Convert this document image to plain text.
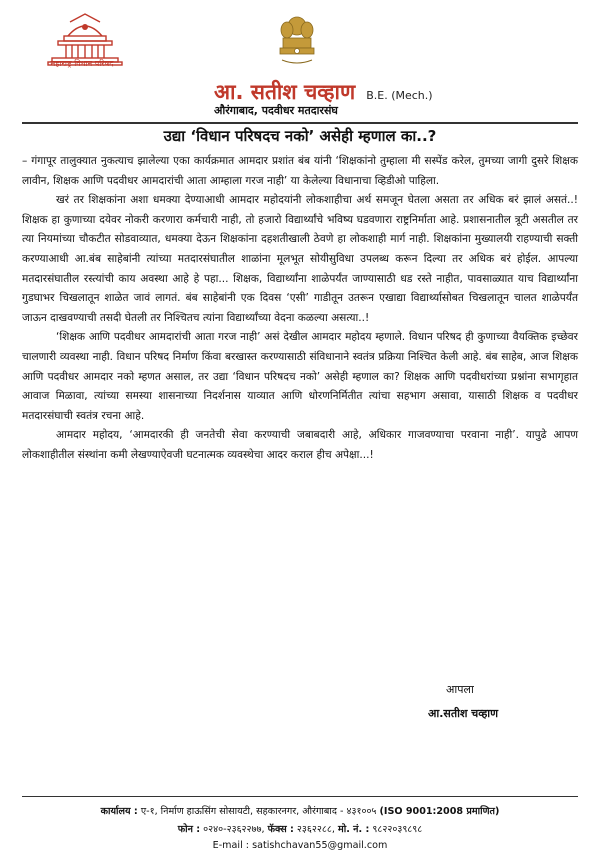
महाराष्ट्र विधान परिषद
आ. सतीश चव्हाण B.E. (Mech.)
औरंगाबाद, पदवीधर मतदारसंघ
उद्या ‘विधान परिषदच नको’ असेही म्हणाल का..?

– गंगापूर तालुक्यात नुकत्याच झालेल्या एका कार्यक्रमात आमदार प्रशांत बंब यांनी ‘शिक्षकांनो तुम्हाला मी सस्पेंड करेल, तुमच्या जागी दुसरे शिक्षक लावीन, शिक्षक आणि पदवीधर आमदारांची आता आम्हाला गरज नाही’ या केलेल्या विधानाचा व्हिडीओ पाहिला.

खरं तर शिक्षकांना अशा धमक्या देण्याआधी आमदार महोदयांनी लोकशाहीचा अर्थ समजून घेतला असता तर अधिक बरं झालं असतं..! शिक्षक हा कुणाच्या दयेवर नोकरी करणारा कर्मचारी नाही, तो हजारो विद्यार्थ्यांचे भविष्य घडवणारा राष्ट्रनिर्माता आहे. प्रशासनातील त्रूटी असतील तर त्या नियमांच्या चौकटीत सोडवाव्यात, धमक्या देऊन शिक्षकांना दहशतीखाली ठेवणे हा लोकशाही मार्ग नाही. शिक्षकांना मुख्यालयी राहण्याची सक्ती करण्याआधी आ.बंब साहेबांनी त्यांच्या मतदारसंघातील शाळांना मूलभूत सोयीसुविधा उपलब्ध करून दिल्या तर अधिक बरं होईल. आपल्या मतदारसंघातील रस्त्यांची काय अवस्था आहे हे पहा... शिक्षक, विद्यार्थ्यांना शाळेपर्यंत जाण्यासाठी धड रस्ते नाहीत, पावसाळ्यात याच विद्यार्थ्यांना गुडघाभर चिखलातून शाळेत जावं लागतं. बंब साहेबांनी एक दिवस ‘एसी’ गाडीतून उतरून एखाद्या विद्यार्थ्यासोबत चिखलातून चालत शाळेपर्यंत जाऊन दाखवण्याची तसदी घेतली तर निश्चितच त्यांना विद्यार्थ्यांच्या वेदना कळल्या असत्या..!

‘शिक्षक आणि पदवीधर आमदारांची आता गरज नाही’ असं देखील आमदार महोदय म्हणाले. विधान परिषद ही कुणाच्या वैयक्तिक इच्छेवर चालणारी व्यवस्था नाही. विधान परिषद निर्माण किंवा बरखास्त करण्यासाठी संविधानाने स्वतंत्र प्रक्रिया निश्चित केली आहे. बंब साहेब, आज शिक्षक आणि पदवीधर आमदार नको म्हणत असाल, तर उद्या ‘विधान परिषदच नको’ असेही म्हणाल का? शिक्षक आणि पदवीधरांच्या प्रश्नांना सभागृहात आवाज मिळावा, त्यांच्या समस्या शासनाच्या निदर्शनास याव्यात आणि धोरणनिर्मितीत त्यांचा सहभाग असावा, यासाठी शिक्षक व पदवीधर मतदारसंघाची स्वतंत्र रचना आहे.

आमदार महोदय, ‘आमदारकी ही जनतेची सेवा करण्याची जबाबदारी आहे, अधिकार गाजवण्याचा परवाना नाही’. यापुढे आपण लोकशाहीतील संस्थांना कमी लेखण्याऐवजी घटनात्मक व्यवस्थेचा आदर कराल हीच अपेक्षा...!

आपला
आ.सतीश चव्हाण
कार्यालय : ए-१, निर्माण हाऊसिंग सोसायटी, सहकारनगर, औरंगाबाद - ४३१००५ (ISO 9001:2008 प्रमाणित)
फोन : ०२४०-२३६२२७७, फॅक्स : २३६२२८८, मो. नं. : ९८२२०३९८९८
E-mail : satishchavan55@gmail.com
